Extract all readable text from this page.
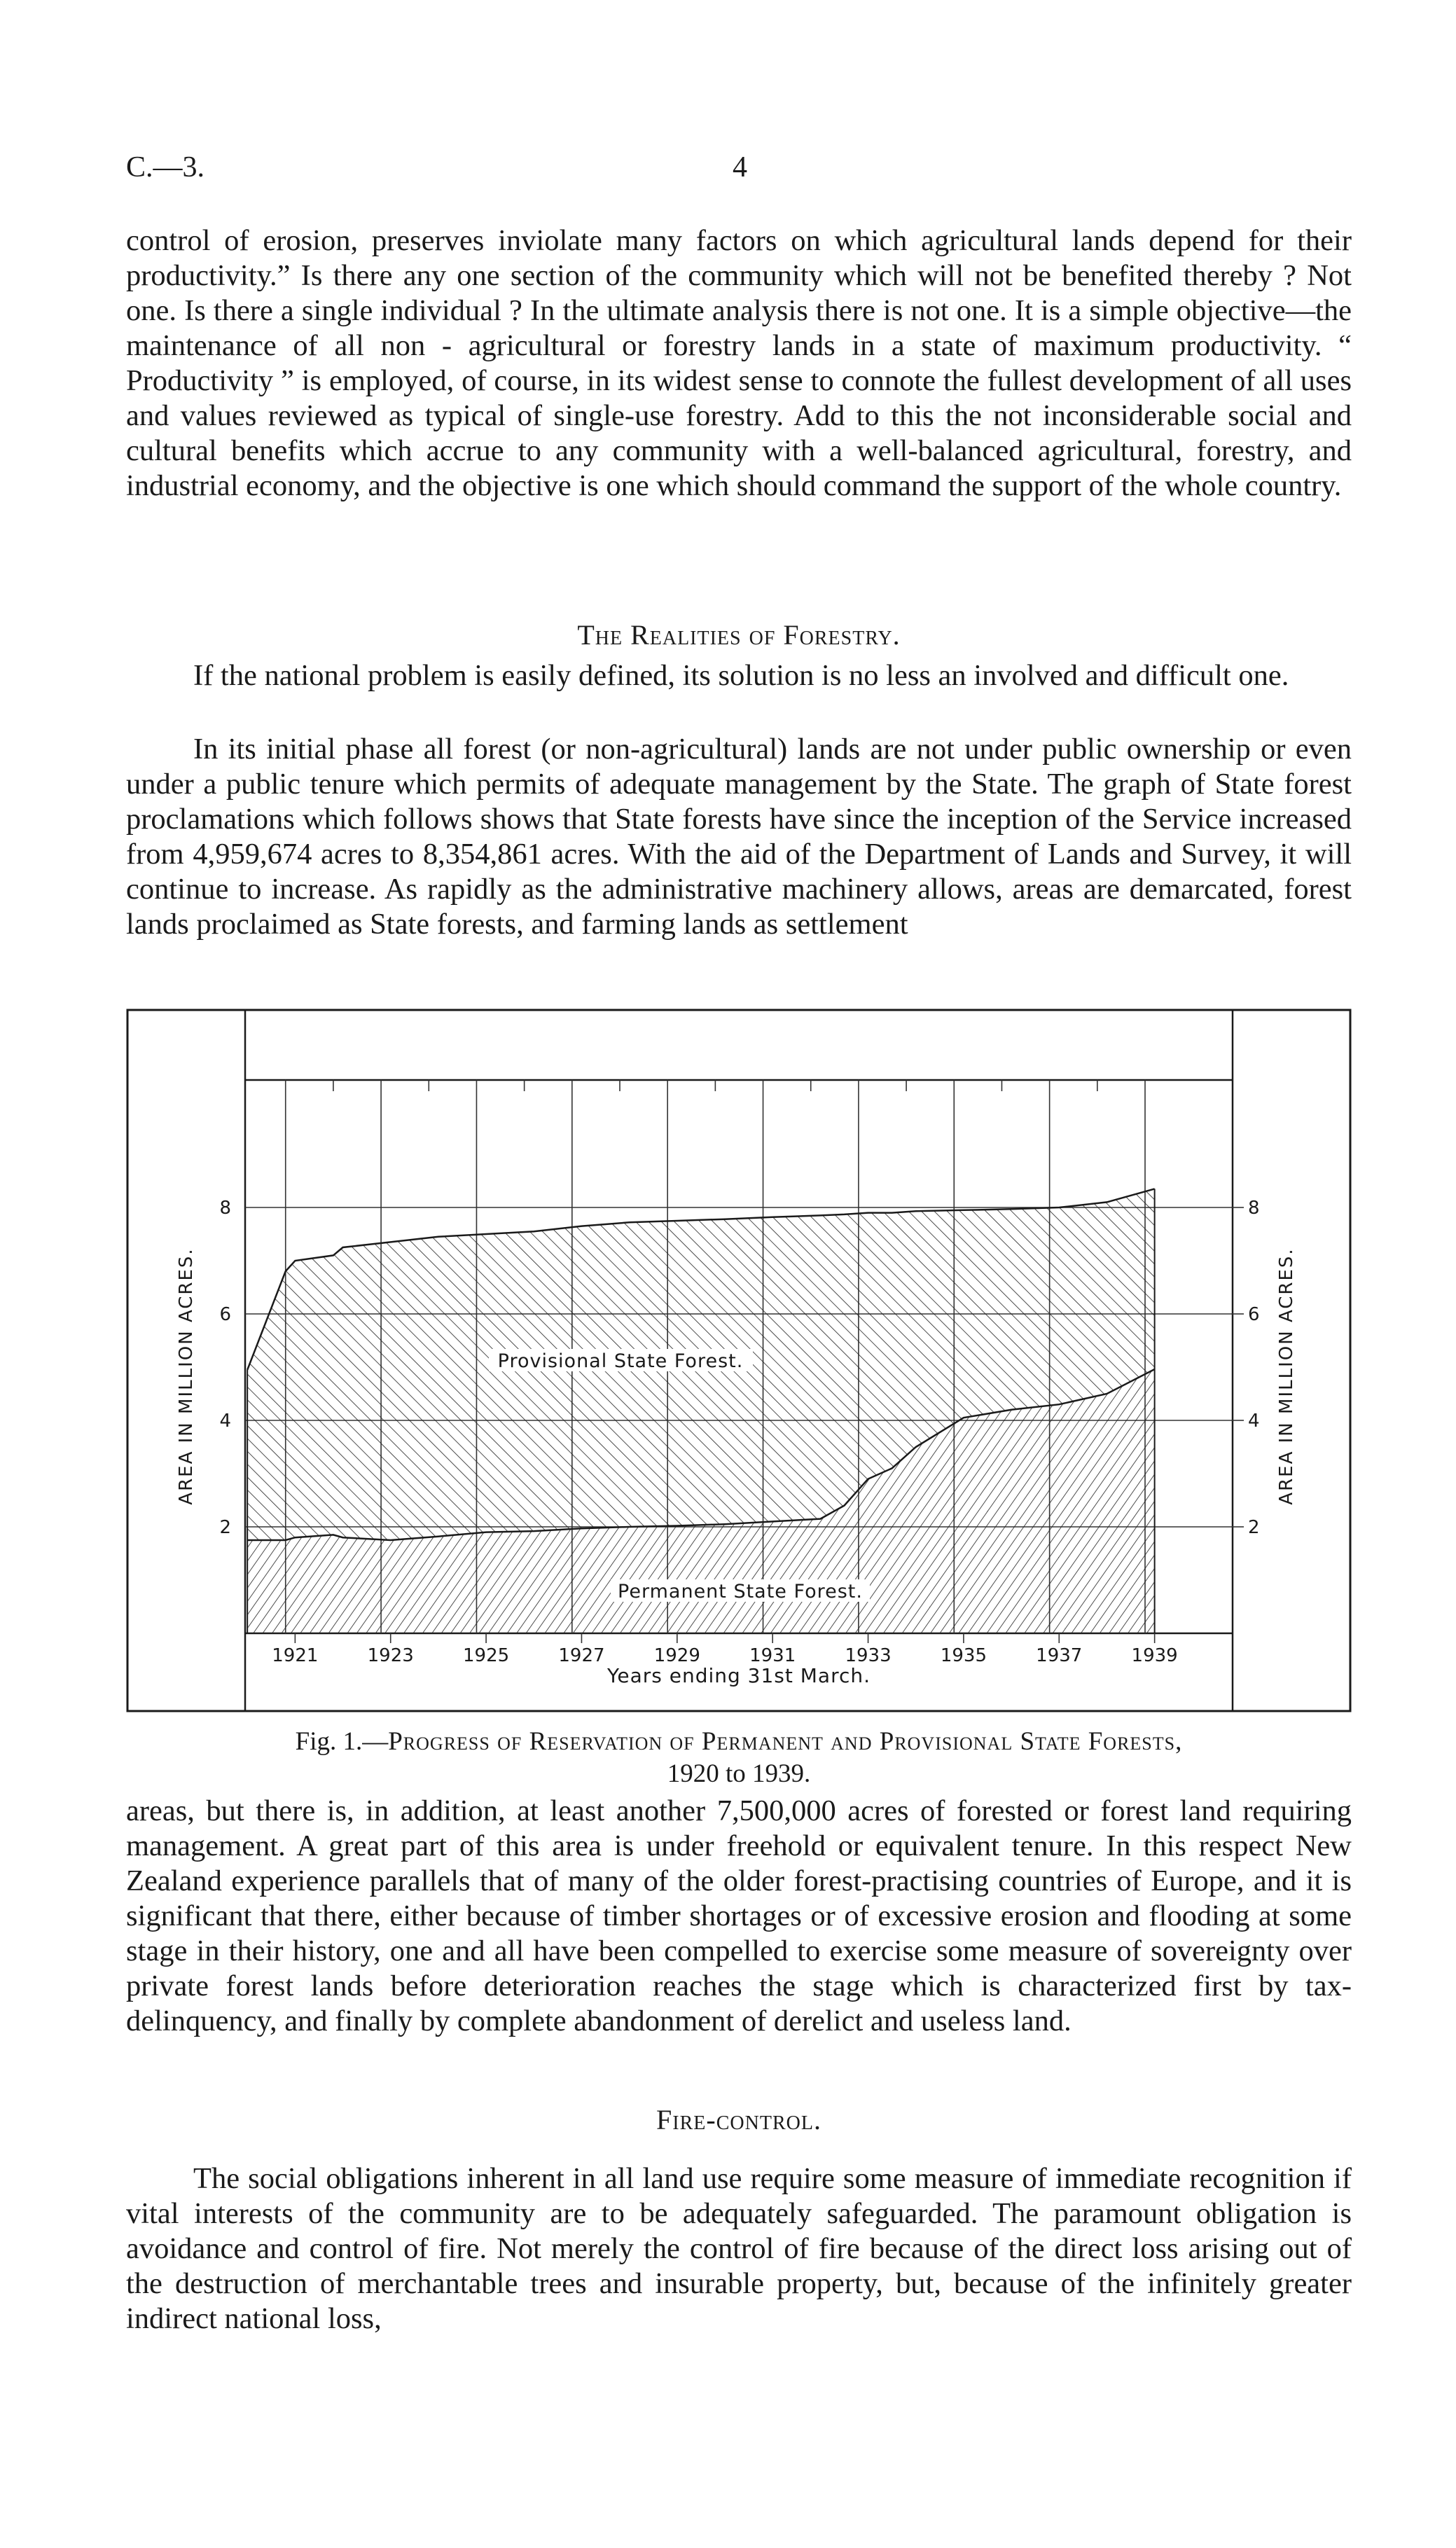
C.—3.	4

control of erosion, preserves inviolate many factors on which agricultural lands depend for their productivity.” Is there any one section of the community which will not be benefited thereby ? Not one. Is there a single individual ? In the ultimate analysis there is not one. It is a simple objective—the maintenance of all non - agricultural or forestry lands in a state of maximum productivity. “ Productivity ” is employed, of course, in its widest sense to connote the fullest development of all uses and values reviewed as typical of single-use forestry. Add to this the not inconsiderable social and cultural benefits which accrue to any community with a well-balanced agricultural, forestry, and industrial economy, and the objective is one which should command the support of the whole country.

The Realities of Forestry.

If the national problem is easily defined, its solution is no less an involved and difficult one.

In its initial phase all forest (or non-agricultural) lands are not under public ownership or even under a public tenure which permits of adequate management by the State. The graph of State forest proclamations which follows shows that State forests have since the inception of the Service increased from 4,959,674 acres to 8,354,861 acres. With the aid of the Department of Lands and Survey, it will continue to increase. As rapidly as the administrative machinery allows, areas are demarcated, forest lands proclaimed as State forests, and farming lands as settlement

2
4
6
8
2
4
6
8
1921	1923	1925	1927	1929	1931	1933	1935	1937	1939
Provisional State Forest.
Permanent State Forest.
Years ending 31st March.
AREA IN MILLION ACRES.	AREA IN MILLION ACRES.
Fig. 1.—Progress of Reservation of Permanent and Provisional State Forests,
1920 to 1939.

areas, but there is, in addition, at least another 7,500,000 acres of forested or forest land requiring management. A great part of this area is under freehold or equivalent tenure. In this respect New Zealand experience parallels that of many of the older forest-practising countries of Europe, and it is significant that there, either because of timber shortages or of excessive erosion and flooding at some stage in their history, one and all have been compelled to exercise some measure of sovereignty over private forest lands before deterioration reaches the stage which is characterized first by tax-delinquency, and finally by complete abandonment of derelict and useless land.

Fire-control.

The social obligations inherent in all land use require some measure of immediate recognition if vital interests of the community are to be adequately safeguarded. The paramount obligation is avoidance and control of fire. Not merely the control of fire because of the direct loss arising out of the destruction of merchantable trees and insurable property, but, because of the infinitely greater indirect national loss,
